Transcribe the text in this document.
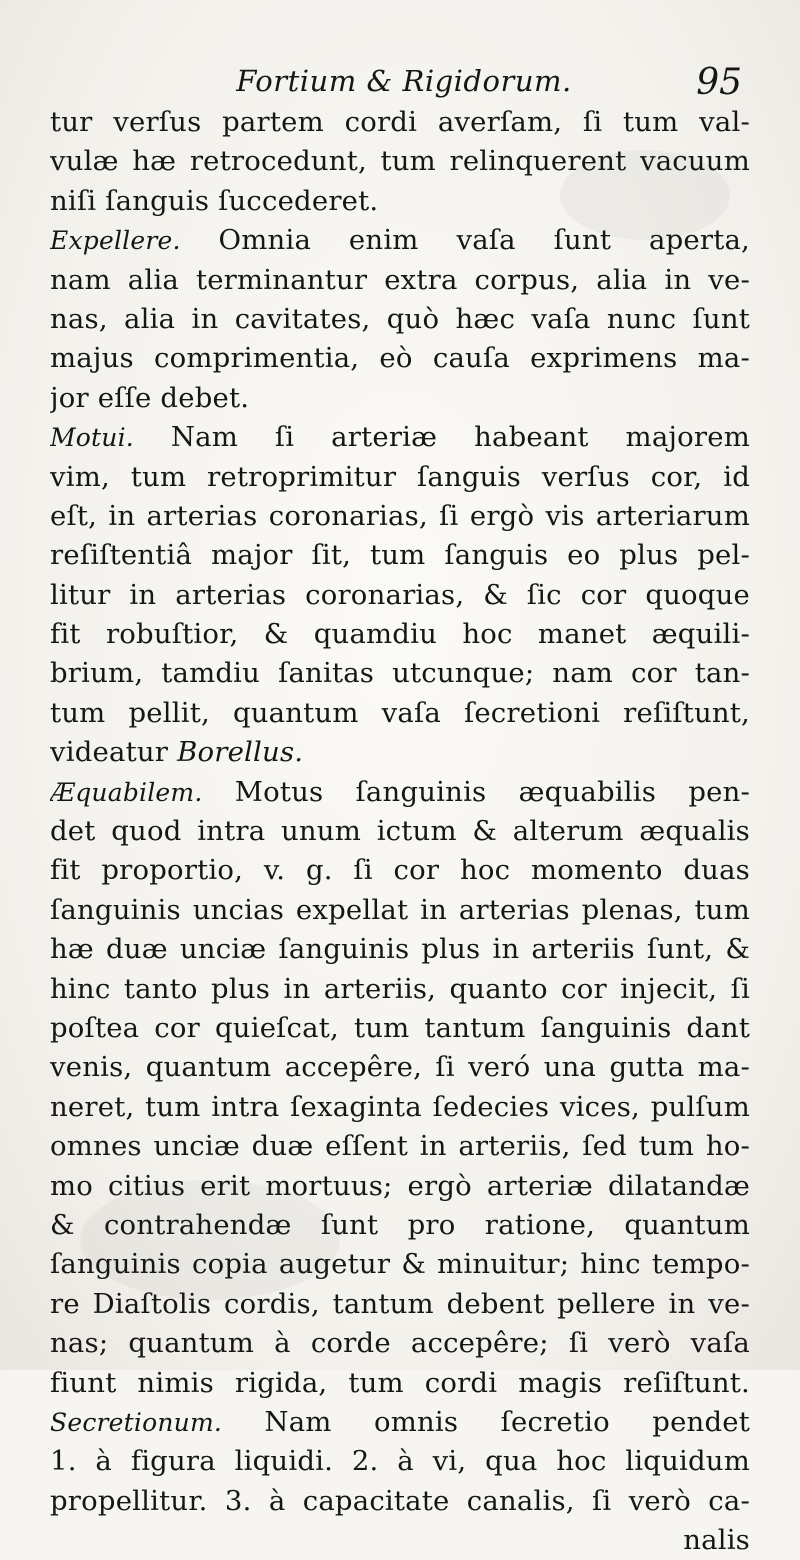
Fortium & Rigidorum.	95
tur verſus partem cordi averſam, ſi tum val-
vulæ hæ retrocedunt, tum relinquerent vacuum
niſi ſanguis ſuccederet.
Expellere. Omnia enim vaſa ſunt aperta,
nam alia terminantur extra corpus, alia in ve-
nas, alia in cavitates, quò hæc vaſa nunc ſunt
majus comprimentia, eò cauſa exprimens ma-
jor eſſe debet.
Motui. Nam ſi arteriæ habeant majorem
vim, tum retroprimitur ſanguis verſus cor, id
eſt, in arterias coronarias, ſi ergò vis arteriarum
reſiſtentiâ major ſit, tum ſanguis eo plus pel-
litur in arterias coronarias, & ſic cor quoque
fit robuſtior, & quamdiu hoc manet æquili-
brium, tamdiu ſanitas utcunque; nam cor tan-
tum pellit, quantum vaſa ſecretioni reſiſtunt,
videatur Borellus.
Æquabilem. Motus ſanguinis æquabilis pen-
det quod intra unum ictum & alterum æqualis
fit proportio, v. g. ſi cor hoc momento duas
ſanguinis uncias expellat in arterias plenas, tum
hæ duæ unciæ ſanguinis plus in arteriis ſunt, &
hinc tanto plus in arteriis, quanto cor injecit, ſi
poſtea cor quieſcat, tum tantum ſanguinis dant
venis, quantum accepêre, ſi veró una gutta ma-
neret, tum intra ſexaginta ſedecies vices, pulſum
omnes unciæ duæ eſſent in arteriis, ſed tum ho-
mo citius erit mortuus; ergò arteriæ dilatandæ
& contrahendæ ſunt pro ratione, quantum
ſanguinis copia augetur & minuitur; hinc tempo-
re Diaſtolis cordis, tantum debent pellere in ve-
nas; quantum à corde accepêre; ſi verò vaſa
fiunt nimis rigida, tum cordi magis reſiſtunt.
Secretionum. Nam omnis ſecretio pendet
1. à figura liquidi. 2. à vi, qua hoc liquidum
propellitur. 3. à capacitate canalis, ſi verò ca-
nalis
